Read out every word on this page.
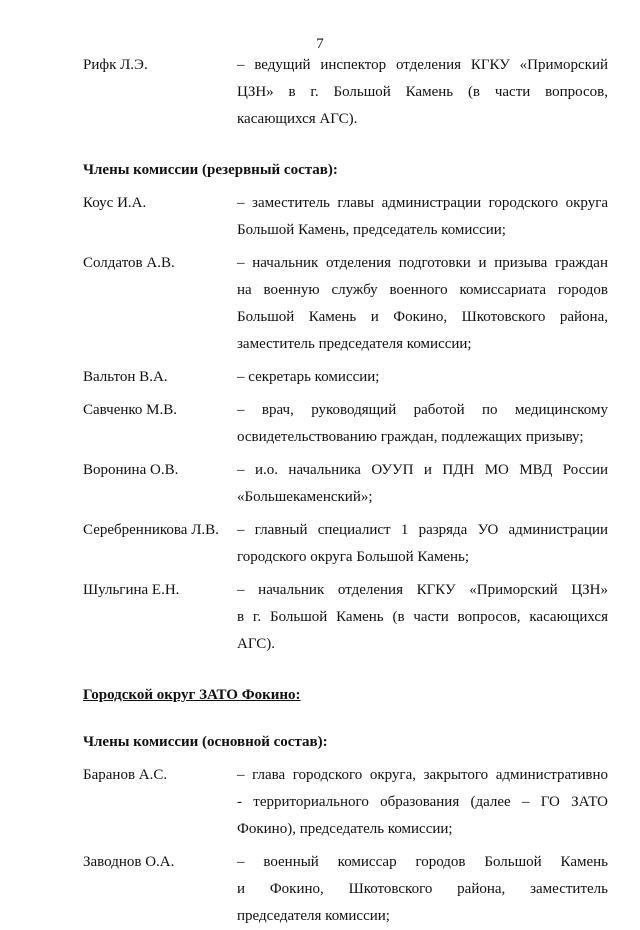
7
Рифк Л.Э.	– ведущий инспектор отделения КГКУ «Приморский
ЦЗН» в г. Большой Камень (в части вопросов,
касающихся АГС).
Члены комиссии (резервный состав):
Коус И.А.	– заместитель главы администрации городского округа
Большой Камень, председатель комиссии;
Солдатов А.В.	– начальник отделения подготовки и призыва граждан
на военную службу военного комиссариата городов
Большой Камень и Фокино, Шкотовского района,
заместитель председателя комиссии;
Вальтон В.А.	– секретарь комиссии;
Савченко М.В.	– врач, руководящий работой по медицинскому
освидетельствованию граждан, подлежащих призыву;
Воронина О.В.	– и.о. начальника ОУУП и ПДН МО МВД России
«Большекаменский»;
Серебренникова Л.В.	– главный специалист 1 разряда УО администрации
городского округа Большой Камень;
Шульгина Е.Н.	– начальник отделения КГКУ «Приморский ЦЗН»
в г. Большой Камень (в части вопросов, касающихся
АГС).
Городской округ ЗАТО Фокино:
Члены комиссии (основной состав):
Баранов А.С.	– глава городского округа, закрытого административно
- территориального образования (далее – ГО ЗАТО
Фокино), председатель комиссии;
Заводнов О.А.	– военный комиссар городов Большой Камень
и Фокино, Шкотовского района, заместитель
председателя комиссии;
